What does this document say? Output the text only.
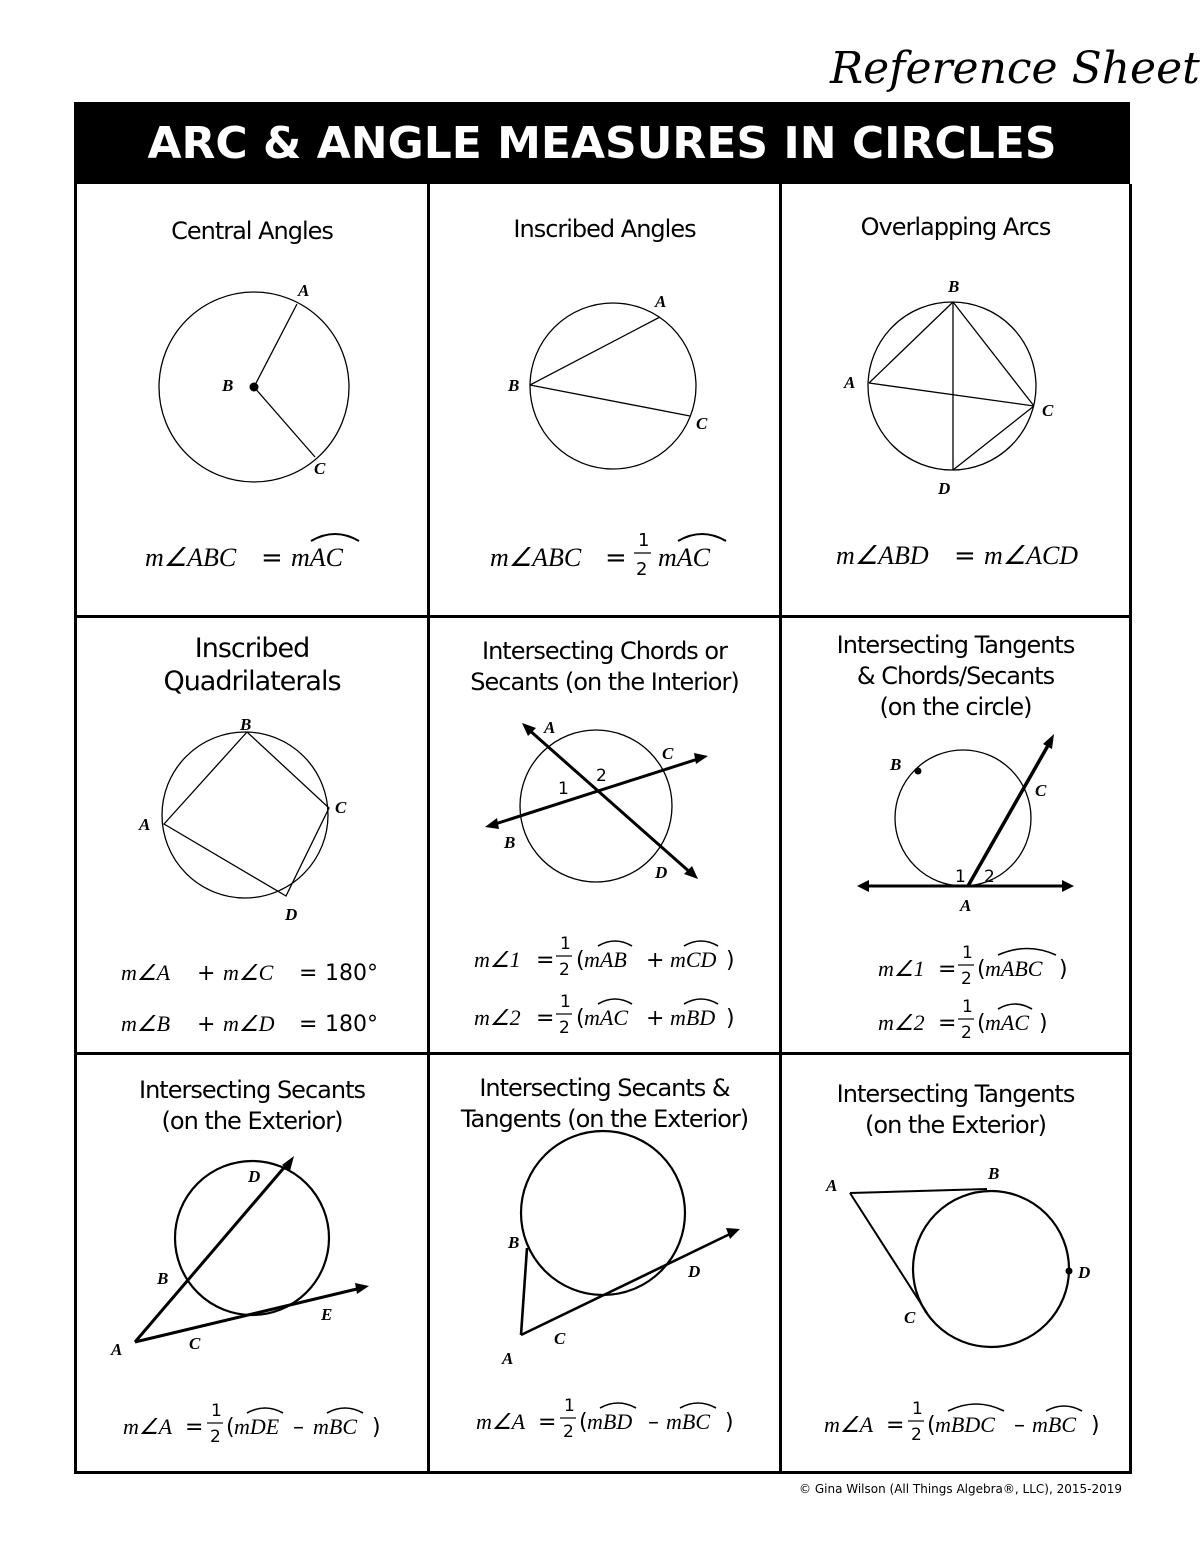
Reference Sheet
ARC & ANGLE MEASURES IN CIRCLES
Central Angles
A
B
C
m∠ABC = mAC
Inscribed Angles
A
B
C
m∠ABC =
1
2 mAC
Overlapping Arcs
B
A
C
D
m∠ABD = m∠ACD
Inscribed
Quadrilaterals
B
A
C
D
m∠A + m∠C = 180°
m∠B + m∠D = 180°
Intersecting Chords or
Secants (on the Interior)
A
C
B
D
1
2
m∠1 =
1
2 ( mAB + mCD )
m∠2 =
1
2 ( mAC + mBD )
Intersecting Tangents
& Chords/Secants
(on the circle)
B
C
A
1 2
m∠1 =
1
2 ( mABC )
m∠2 =
1
2 ( mAC )
Intersecting Secants
(on the Exterior)
D
B
E
C
A
m∠A =
1
2 ( mDE – mBC )
Intersecting Secants &
Tangents (on the Exterior)
B
D
C
A
m∠A =
1
2 ( mBD – mBC )
Intersecting Tangents
(on the Exterior)
A
B
D
C
m∠A =
1
2 ( mBDC – mBC )
© Gina Wilson (All Things Algebra®, LLC), 2015-2019
